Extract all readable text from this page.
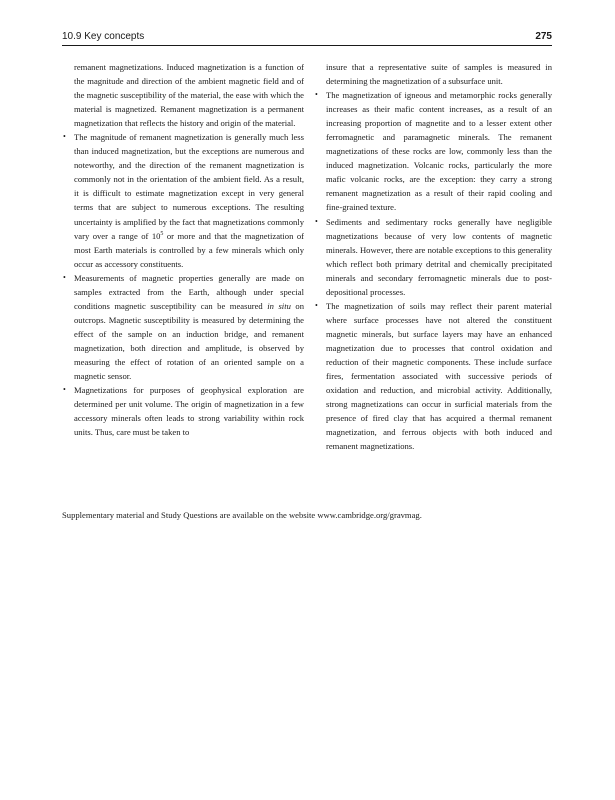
10.9 Key concepts	275

remanent magnetizations. Induced magnetization is a function of the magnitude and direction of the ambient magnetic field and of the magnetic susceptibility of the material, the ease with which the material is magnetized. Remanent magnetization is a permanent magnetization that reflects the history and origin of the material.

• The magnitude of remanent magnetization is generally much less than induced magnetization, but the exceptions are numerous and noteworthy, and the direction of the remanent magnetization is commonly not in the orientation of the ambient field. As a result, it is difficult to estimate magnetization except in very general terms that are subject to numerous exceptions. The resulting uncertainty is amplified by the fact that magnetizations commonly vary over a range of $10^5$ or more and that the magnetization of most Earth materials is controlled by a few minerals which only occur as accessory constituents.
• Measurements of magnetic properties generally are made on samples extracted from the Earth, although under special conditions magnetic susceptibility can be measured in situ on outcrops. Magnetic susceptibility is measured by determining the effect of the sample on an induction bridge, and remanent magnetization, both direction and amplitude, is observed by measuring the effect of rotation of an oriented sample on a magnetic sensor.
• Magnetizations for purposes of geophysical exploration are determined per unit volume. The origin of magnetization in a few accessory minerals often leads to strong variability within rock units. Thus, care must be taken to

insure that a representative suite of samples is measured in determining the magnetization of a subsurface unit.

• The magnetization of igneous and metamorphic rocks generally increases as their mafic content increases, as a result of an increasing proportion of magnetite and to a lesser extent other ferromagnetic and paramagnetic minerals. The remanent magnetizations of these rocks are low, commonly less than the induced magnetization. Volcanic rocks, particularly the more mafic volcanic rocks, are the exception: they carry a strong remanent magnetization as a result of their rapid cooling and fine-grained texture.
• Sediments and sedimentary rocks generally have negligible magnetizations because of very low contents of magnetic minerals. However, there are notable exceptions to this generality which reflect both primary detrital and chemically precipitated minerals and secondary ferromagnetic minerals due to post-depositional processes.
• The magnetization of soils may reflect their parent material where surface processes have not altered the constituent magnetic minerals, but surface layers may have an enhanced magnetization due to processes that control oxidation and reduction of their magnetic components. These include surface fires, fermentation associated with successive periods of oxidation and reduction, and microbial activity. Additionally, strong magnetizations can occur in surficial materials from the presence of fired clay that has acquired a thermal remanent magnetization, and ferrous objects with both induced and remanent magnetizations.

Supplementary material and Study Questions are available on the website www.cambridge.org/gravmag.
